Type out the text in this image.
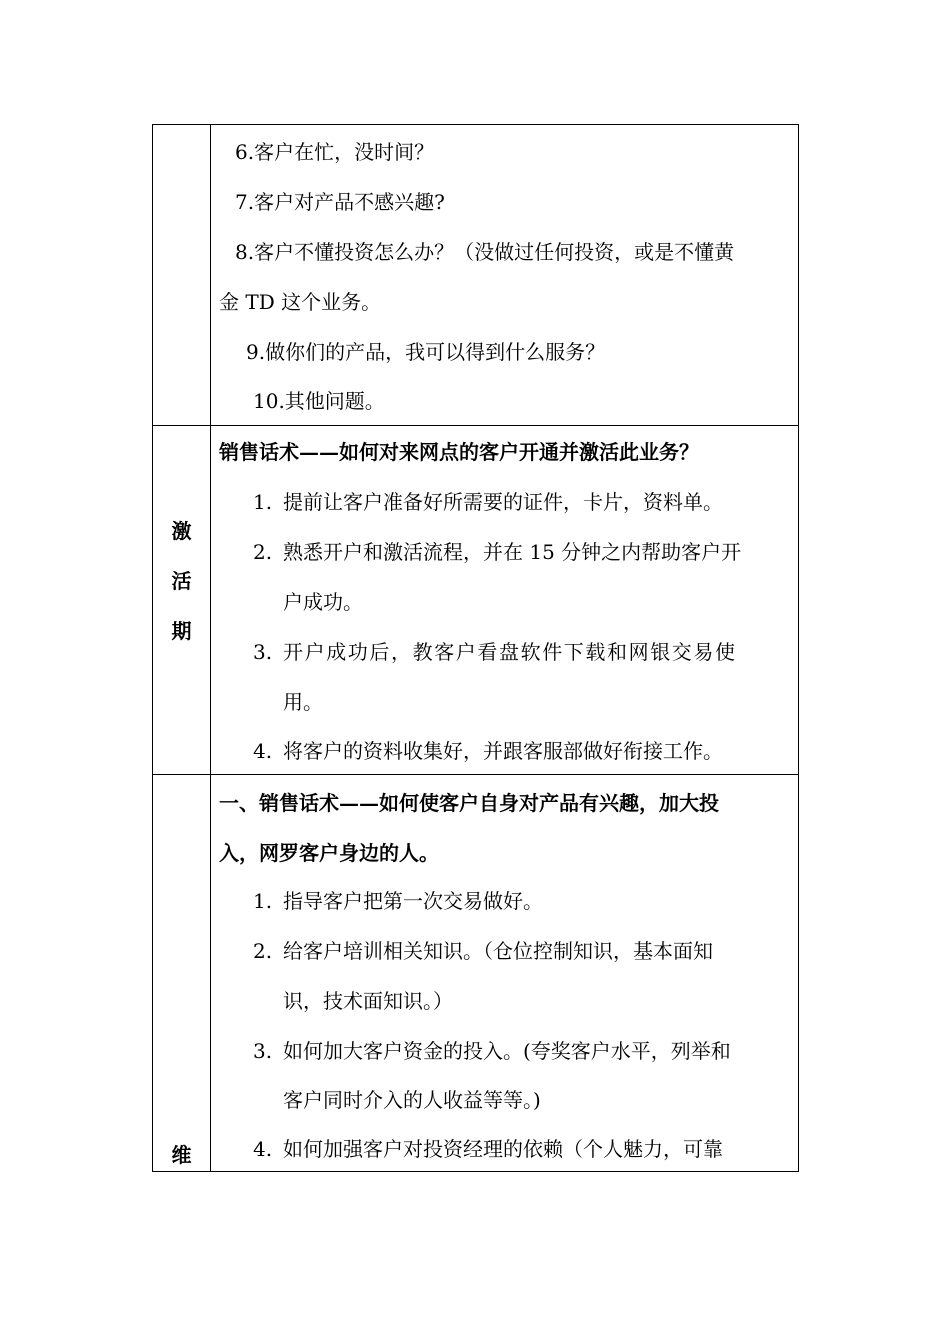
6.客户在忙，没时间？
7.客户对产品不感兴趣?
8.客户不懂投资怎么办？（没做过任何投资，或是不懂黄
金 TD 这个业务。
9.做你们的产品，我可以得到什么服务？
10.其他问题。
激
活
期
销售话术——如何对来网点的客户开通并激活此业务？
1. 提前让客户准备好所需要的证件，卡片，资料单。
2. 熟悉开户和激活流程，并在 15 分钟之内帮助客户开
户成功。
3. 开户成功后，教客户看盘软件下载和网银交易使
用。
4. 将客户的资料收集好，并跟客服部做好衔接工作。
一、销售话术——如何使客户自身对产品有兴趣，加大投
入，网罗客户身边的人。
1. 指导客户把第一次交易做好。
2. 给客户培训相关知识。（仓位控制知识，基本面知
识，技术面知识。）
3. 如何加大客户资金的投入。(夸奖客户水平，列举和
客户同时介入的人收益等等。)
维	4. 如何加强客户对投资经理的依赖（个人魅力，可靠
